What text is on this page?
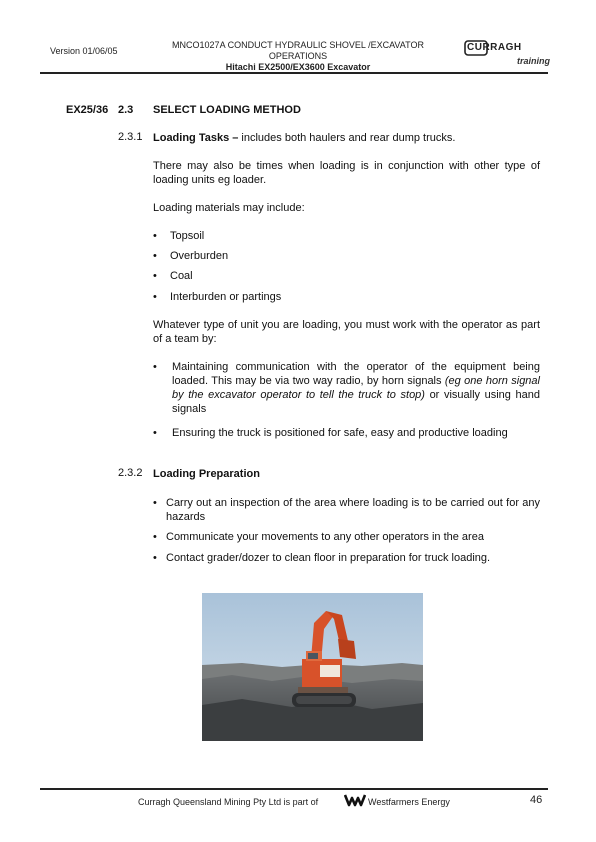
Version 01/06/05
MNCO1027A CONDUCT HYDRAULIC SHOVEL /EXCAVATOR
OPERATIONS
Hitachi EX2500/EX3600 Excavator
CURRAGH
training
EX25/36 2.3 SELECT LOADING METHOD
2.3.1 Loading Tasks – includes both haulers and rear dump trucks.
There may also be times when loading is in conjunction with other type of loading units eg loader.
Loading materials may include:
• Topsoil
• Overburden
• Coal
• Interburden or partings
Whatever type of unit you are loading, you must work with the operator as part of a team by:
• Maintaining communication with the operator of the equipment being loaded. This may be via two way radio, by horn signals (eg one horn signal by the excavator operator to tell the truck to stop) or visually using hand signals
• Ensuring the truck is positioned for safe, easy and productive loading
2.3.2 Loading Preparation
• Carry out an inspection of the area where loading is to be carried out for any hazards
• Communicate your movements to any other operators in the area
• Contact grader/dozer to clean floor in preparation for truck loading.
Curragh Queensland Mining Pty Ltd is part of	Westfarmers Energy	46
